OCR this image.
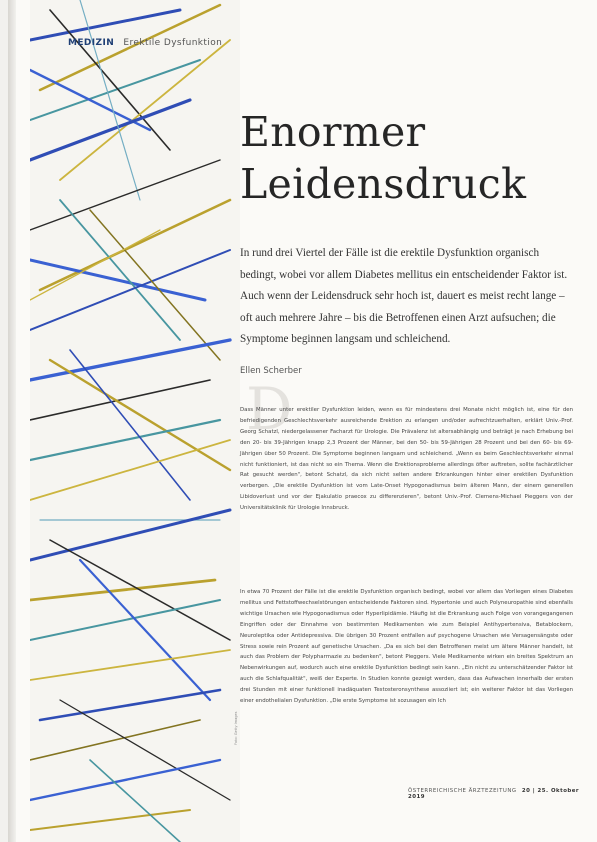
Foto: Getty Images
MEDIZIN Erektile Dysfunktion
Enormer
Leidensdruck

In rund drei Viertel der Fälle ist die erektile Dysfunktion organisch bedingt, wobei vor allem Diabetes mellitus ein entscheidender Faktor ist. Auch wenn der Leidensdruck sehr hoch ist, dauert es meist recht lange – oft auch mehrere Jahre – bis die Betroffenen einen Arzt aufsuchen; die Symptome beginnen langsam und schleichend.

Ellen Scherber
D
Dass Männer unter erektiler Dysfunktion leiden, wenn es für mindestens drei Monate nicht möglich ist, eine für den befriedigenden Geschlechtsverkehr ausreichende Erektion zu erlangen und/oder aufrechtzuerhalten, erklärt Univ.-Prof. Georg Schatzl, niedergelassener Facharzt für Urologie. Die Prävalenz ist altersabhängig und beträgt je nach Erhebung bei den 20- bis 39-Jährigen knapp 2,3 Prozent der Männer, bei den 50- bis 59-Jährigen 28 Prozent und bei den 60- bis 69-Jährigen über 50 Prozent. Die Symptome beginnen langsam und schleichend. „Wenn es beim Geschlechtsverkehr einmal nicht funktioniert, ist das nicht so ein Thema. Wenn die Erektionsprobleme allerdings öfter auftreten, sollte fachärztlicher Rat gesucht werden", betont Schatzl, da sich nicht selten andere Erkrankungen hinter einer erektilen Dysfunktion verbergen. „Die erektile Dysfunktion ist vom Late-Onset Hypogonadismus beim älteren Mann, der einem generellen Libidoverlust und vor der Ejakulatio praecox zu differenzieren", betont Univ.-Prof. Clemens-Michael Pieggers von der Universitätsklinik für Urologie Innsbruck.
In etwa 70 Prozent der Fälle ist die erektile Dysfunktion organisch bedingt, wobei vor allem das Vorliegen eines Diabetes mellitus und Fettstoffwechselstörungen entscheidende Faktoren sind. Hypertonie und auch Polyneuropathie sind ebenfalls wichtige Ursachen wie Hypogonadismus oder Hyperlipidämie. Häufig ist die Erkrankung auch Folge von vorangegangenen Eingriffen oder der Einnahme von bestimmten Medikamenten wie zum Beispiel Antihypertensiva, Betablockern, Neuroleptika oder Antidepressiva. Die übrigen 30 Prozent entfallen auf psychogene Ursachen wie Versagensängste oder Stress sowie rein Prozent auf genetische Ursachen. „Da es sich bei den Betroffenen meist um ältere Männer handelt, ist auch das Problem der Polypharmazie zu bedenken", betont Pieggers. Viele Medikamente wirken ein breites Spektrum an Nebenwirkungen auf, wodurch auch eine erektile Dysfunktion bedingt sein kann. „Ein nicht zu unterschätzender Faktor ist auch die Schlafqualität", weiß der Experte. In Studien konnte gezeigt werden, dass das Aufwachen innerhalb der ersten drei Stunden mit einer funktionell inadäquaten Testosteronsynthese assoziiert ist; ein weiterer Faktor ist das Vorliegen einer endothelialen Dysfunktion. „Die erste Symptome ist sozusagen ein Ich
ÖSTERREICHISCHE ÄRZTEZEITUNG 20 | 25. Oktober 2019
